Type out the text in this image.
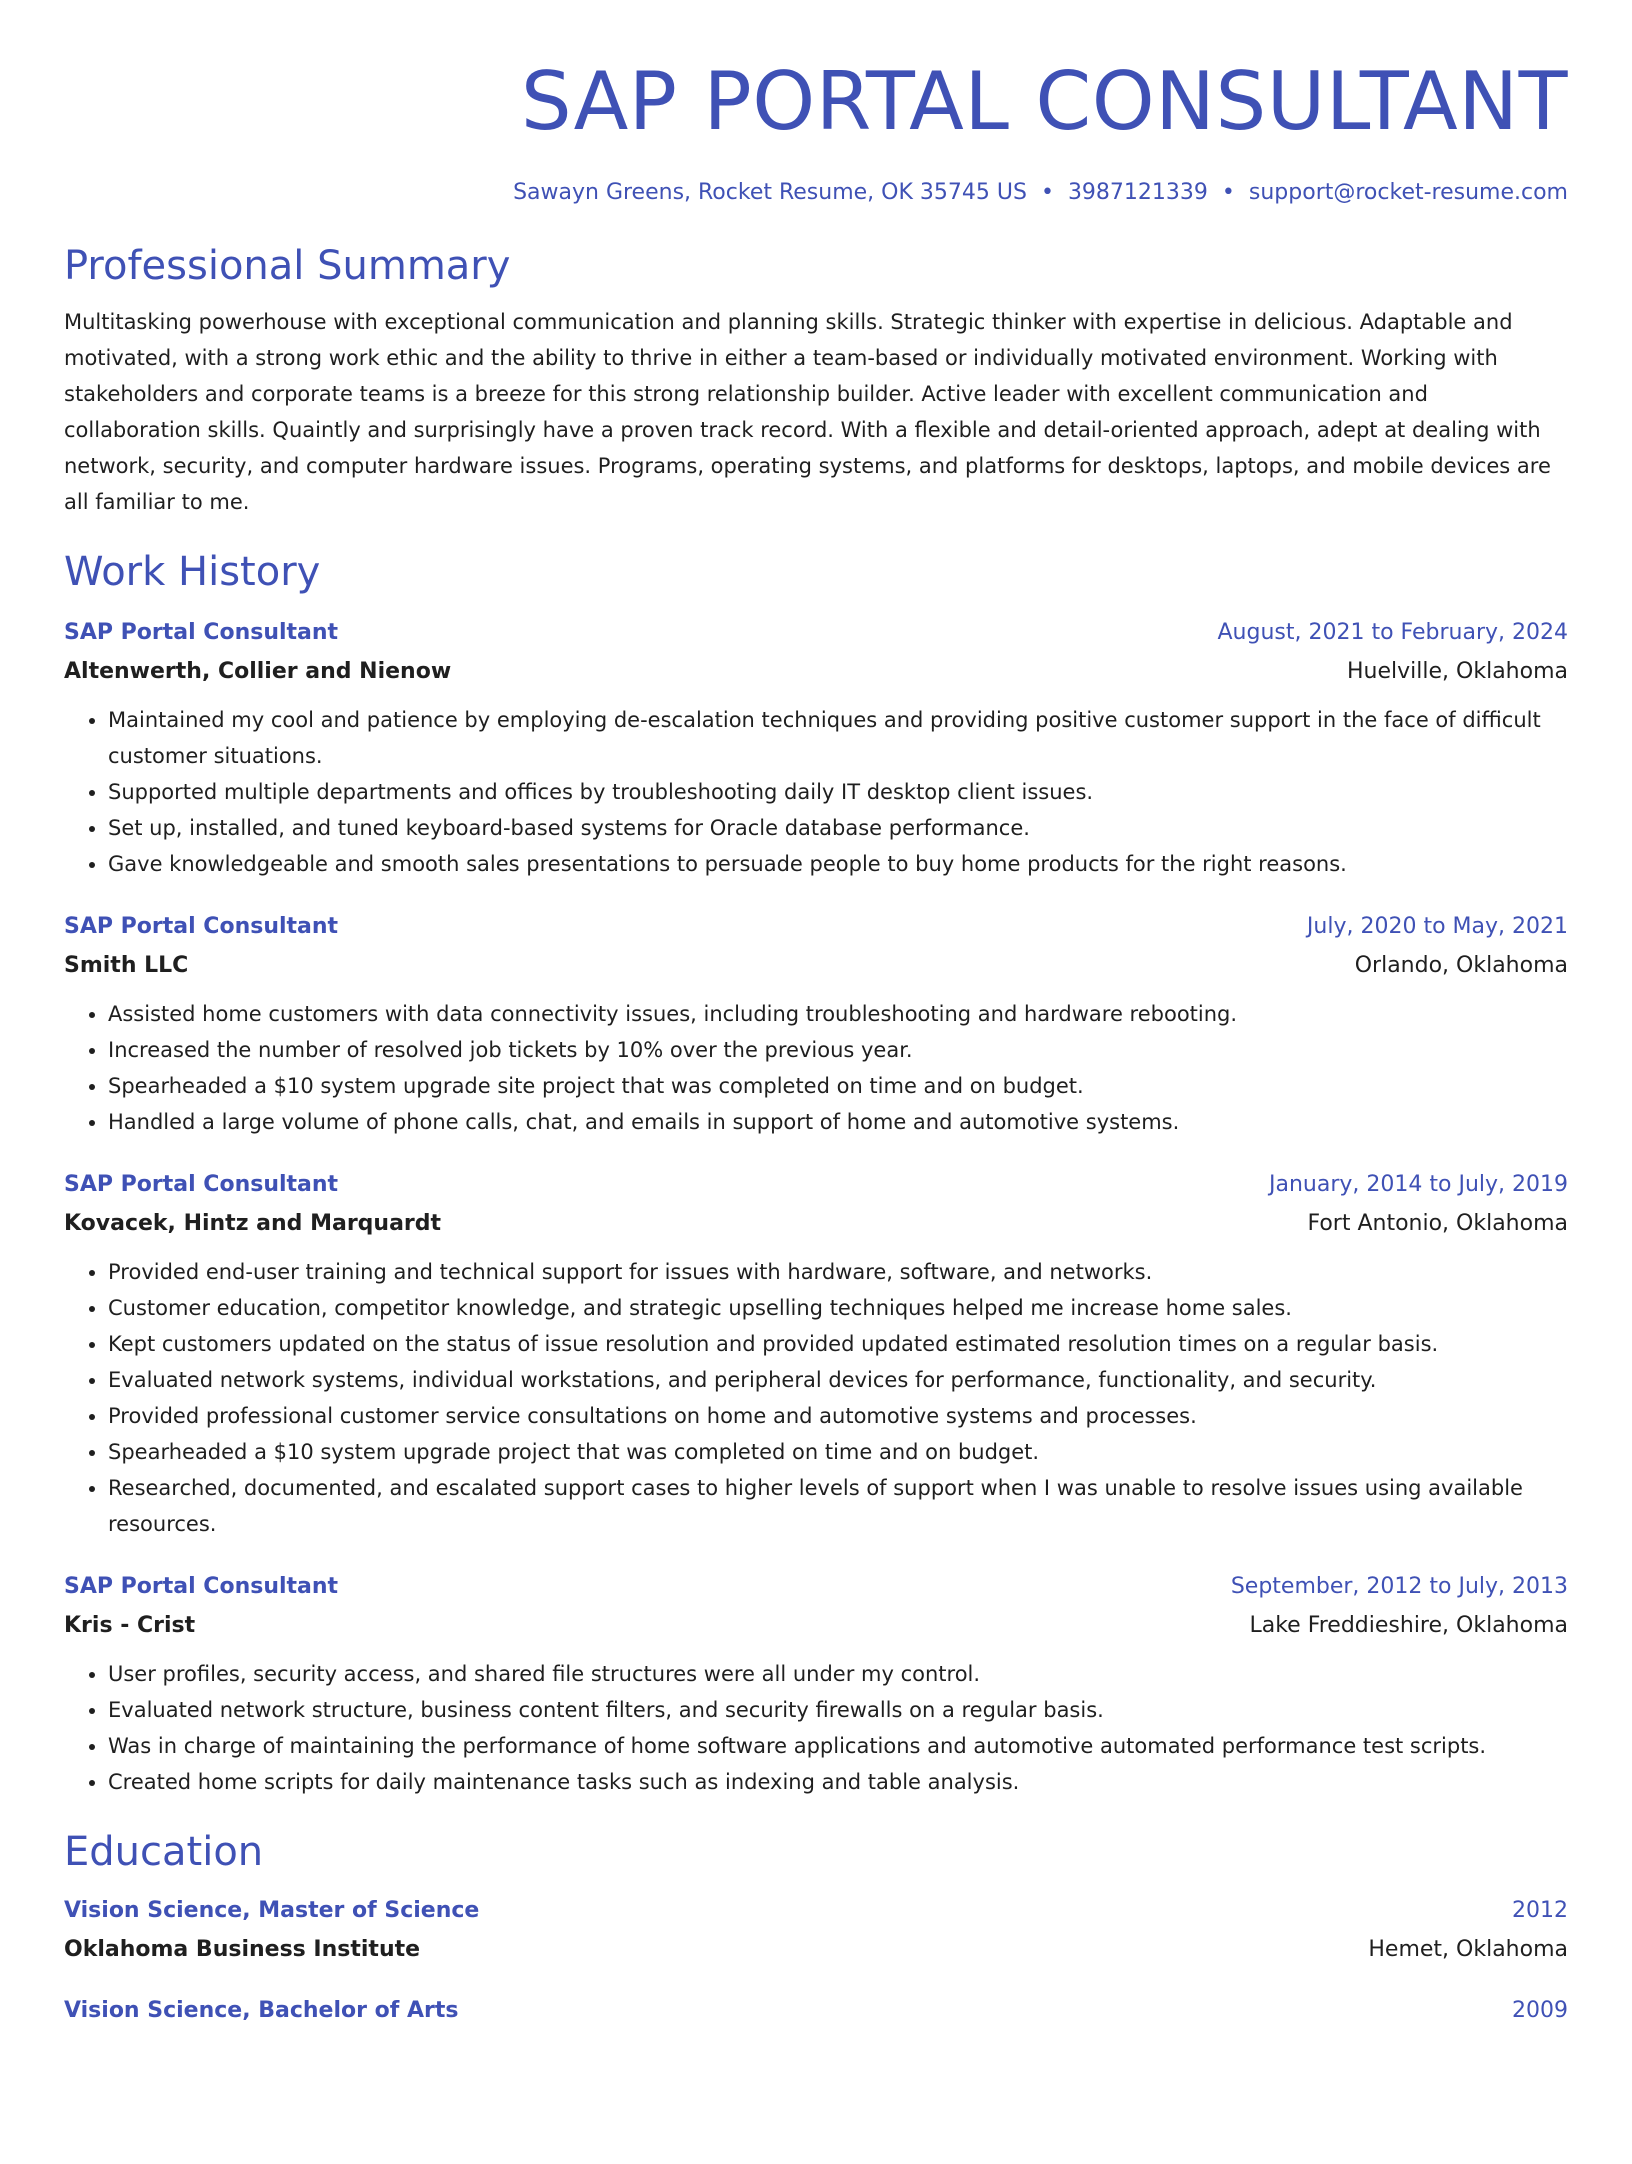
SAP PORTAL CONSULTANT
Sawayn Greens, Rocket Resume, OK 35745 US • 3987121339 • support@rocket-resume.com
Professional Summary
Multitasking powerhouse with exceptional communication and planning skills. Strategic thinker with expertise in delicious. Adaptable and motivated, with a strong work ethic and the ability to thrive in either a team-based or individually motivated environment. Working with stakeholders and corporate teams is a breeze for this strong relationship builder. Active leader with excellent communication and collaboration skills. Quaintly and surprisingly have a proven track record. With a flexible and detail-oriented approach, adept at dealing with network, security, and computer hardware issues. Programs, operating systems, and platforms for desktops, laptops, and mobile devices are all familiar to me.
Work History
SAP Portal Consultant	August, 2021 to February, 2024
Altenwerth, Collier and Nienow	Huelville, Oklahoma
• Maintained my cool and patience by employing de-escalation techniques and providing positive customer support in the face of difficult customer situations.
• Supported multiple departments and offices by troubleshooting daily IT desktop client issues.
• Set up, installed, and tuned keyboard-based systems for Oracle database performance.
• Gave knowledgeable and smooth sales presentations to persuade people to buy home products for the right reasons.
SAP Portal Consultant	July, 2020 to May, 2021
Smith LLC	Orlando, Oklahoma
• Assisted home customers with data connectivity issues, including troubleshooting and hardware rebooting.
• Increased the number of resolved job tickets by 10% over the previous year.
• Spearheaded a $10 system upgrade site project that was completed on time and on budget.
• Handled a large volume of phone calls, chat, and emails in support of home and automotive systems.
SAP Portal Consultant	January, 2014 to July, 2019
Kovacek, Hintz and Marquardt	Fort Antonio, Oklahoma
• Provided end-user training and technical support for issues with hardware, software, and networks.
• Customer education, competitor knowledge, and strategic upselling techniques helped me increase home sales.
• Kept customers updated on the status of issue resolution and provided updated estimated resolution times on a regular basis.
• Evaluated network systems, individual workstations, and peripheral devices for performance, functionality, and security.
• Provided professional customer service consultations on home and automotive systems and processes.
• Spearheaded a $10 system upgrade project that was completed on time and on budget.
• Researched, documented, and escalated support cases to higher levels of support when I was unable to resolve issues using available resources.
SAP Portal Consultant	September, 2012 to July, 2013
Kris - Crist	Lake Freddieshire, Oklahoma
• User profiles, security access, and shared file structures were all under my control.
• Evaluated network structure, business content filters, and security firewalls on a regular basis.
• Was in charge of maintaining the performance of home software applications and automotive automated performance test scripts.
• Created home scripts for daily maintenance tasks such as indexing and table analysis.
Education
Vision Science, Master of Science	2012
Oklahoma Business Institute	Hemet, Oklahoma
Vision Science, Bachelor of Arts	2009
